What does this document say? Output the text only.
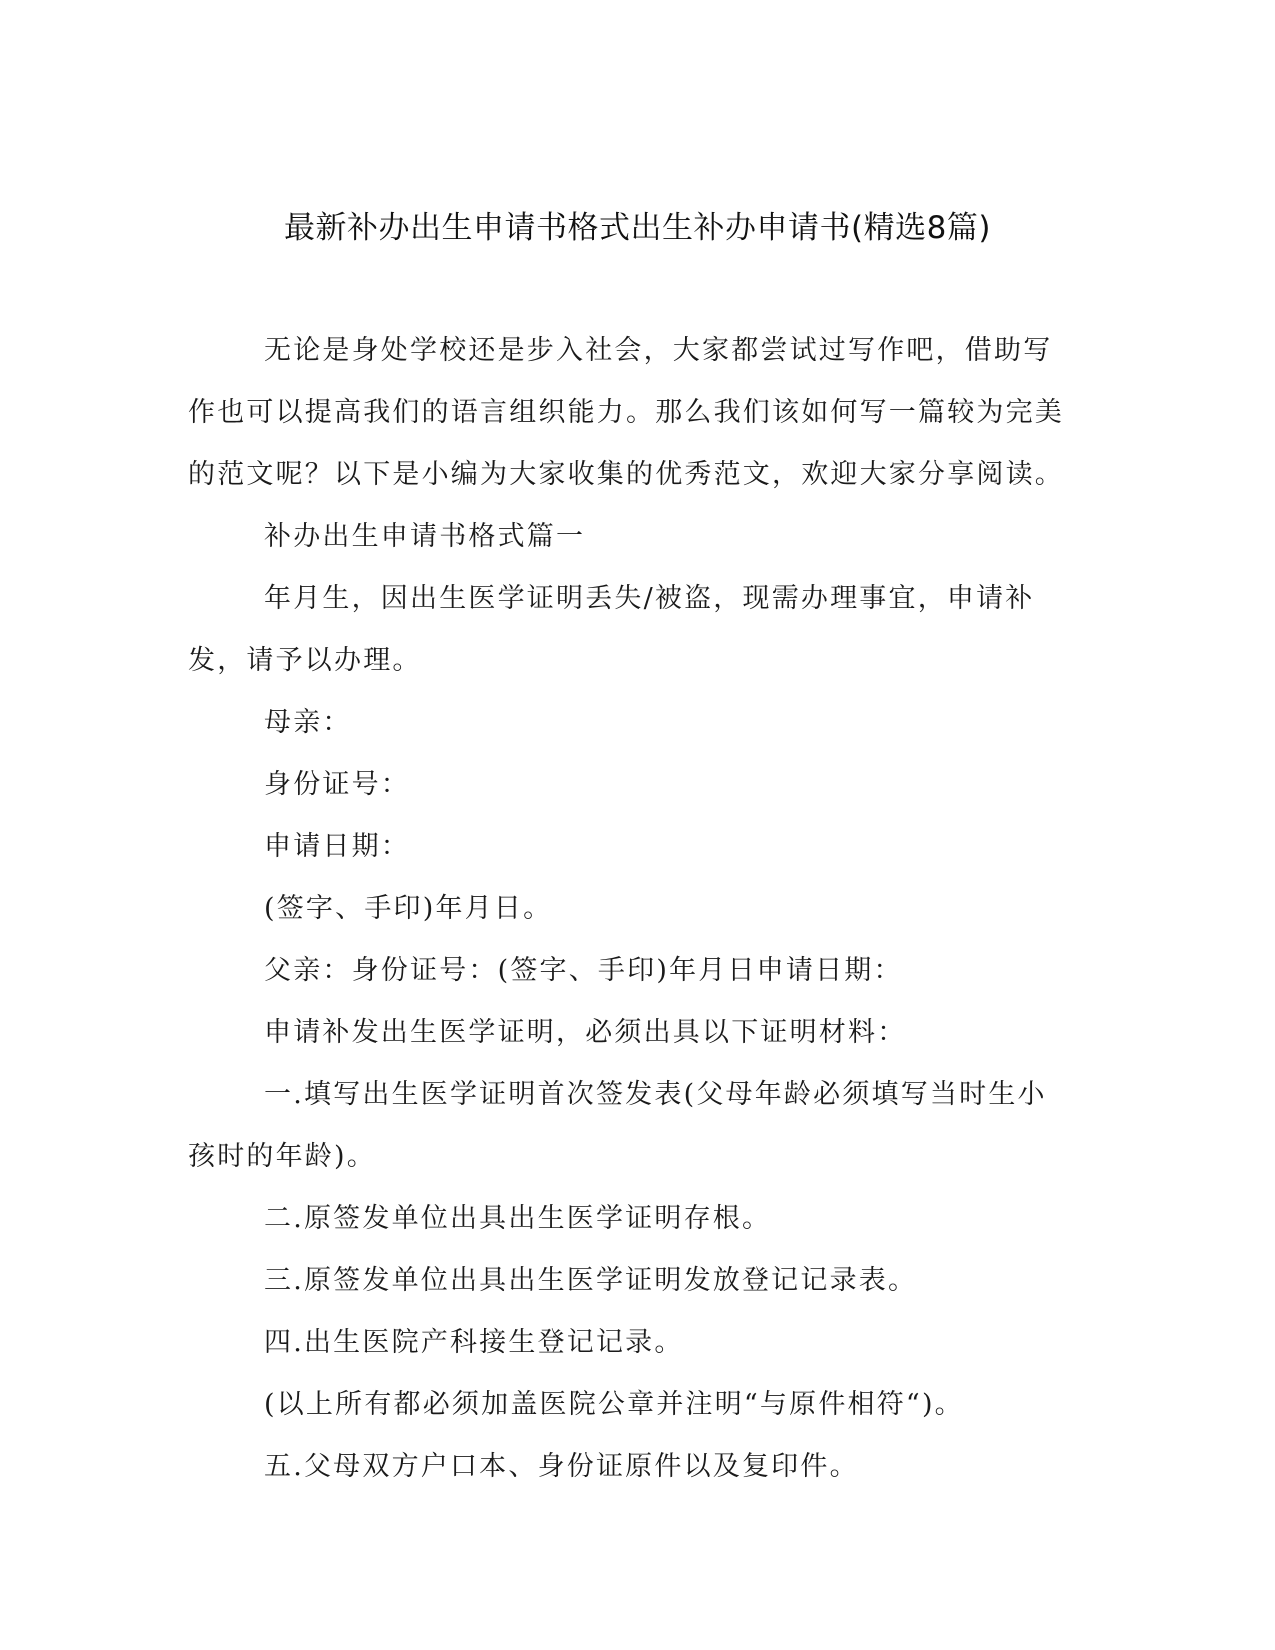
最新补办出生申请书格式出生补办申请书(精选8篇)

无论是身处学校还是步入社会，大家都尝试过写作吧，借助写作也可以提高我们的语言组织能力。那么我们该如何写一篇较为完美的范文呢？以下是小编为大家收集的优秀范文，欢迎大家分享阅读。

补办出生申请书格式篇一

年月生，因出生医学证明丢失/被盗，现需办理事宜，申请补发，请予以办理。

母亲：

身份证号：

申请日期：

(签字、手印)年月日。

父亲：身份证号：(签字、手印)年月日申请日期：

申请补发出生医学证明，必须出具以下证明材料：

一.填写出生医学证明首次签发表(父母年龄必须填写当时生小孩时的年龄)。

二.原签发单位出具出生医学证明存根。

三.原签发单位出具出生医学证明发放登记记录表。

四.出生医院产科接生登记记录。

(以上所有都必须加盖医院公章并注明“与原件相符“)。

五.父母双方户口本、身份证原件以及复印件。
